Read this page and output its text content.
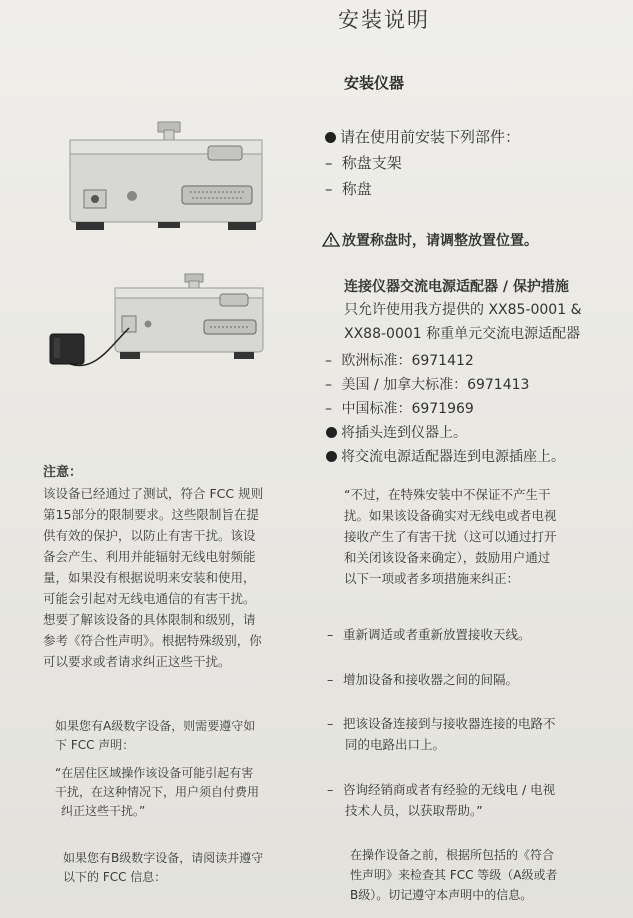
安装说明
安装仪器
请在使用前安装下列部件：
– 称盘支架
– 称盘
放置称盘时，请调整放置位置。
连接仪器交流电源适配器 / 保护措施
只允许使用我方提供的 XX85-0001 &
XX88-0001 称重单元交流电源适配器
– 欧洲标准：6971412
– 美国 / 加拿大标准：6971413
– 中国标准：6971969
将插头连到仪器上。
将交流电源适配器连到电源插座上。

“不过，在特殊安装中不保证不产生干

扰。如果该设备确实对无线电或者电视

接收产生了有害干扰（这可以通过打开

和关闭该设备来确定），鼓励用户通过

以下一项或者多项措施来纠正：

– 重新调适或者重新放置接收天线。

– 增加设备和接收器之间的间隔。

– 把该设备连接到与接收器连接的电路不

同的电路出口上。

– 咨询经销商或者有经验的无线电 / 电视

技术人员，以获取帮助。”

在操作设备之前，根据所包括的《符合

性声明》来检查其 FCC 等级（A级或者

B级）。切记遵守本声明中的信息。

注意：

该设备已经通过了测试，符合 FCC 规则

第15部分的限制要求。这些限制旨在提

供有效的保护，以防止有害干扰。该设

备会产生、利用并能辐射无线电射频能

量，如果没有根据说明来安装和使用，

可能会引起对无线电通信的有害干扰。

想要了解该设备的具体限制和级别，请

参考《符合性声明》。根据特殊级别，你

可以要求或者请求纠正这些干扰。

如果您有A级数字设备，则需要遵守如

下 FCC 声明：

“在居住区域操作该设备可能引起有害

干扰，在这种情况下，用户须自付费用

纠正这些干扰。”

如果您有B级数字设备，请阅读并遵守

以下的 FCC 信息：
